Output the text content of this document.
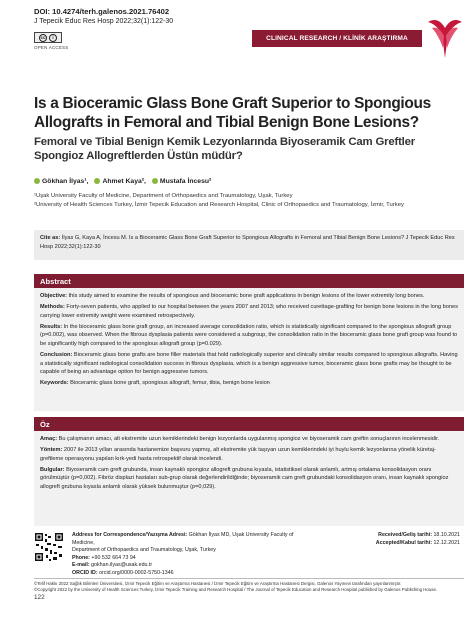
DOI: 10.4274/terh.galenos.2021.76402
J Tepecik Educ Res Hosp 2022;32(1):122-30
cc	i
OPEN ACCESS
CLINICAL RESEARCH / KLİNİK ARAŞTIRMA
Is a Bioceramic Glass Bone Graft Superior to Spongious Allografts in Femoral and Tibial Benign Bone Lesions?
Femoral ve Tibial Benign Kemik Lezyonlarında Biyoseramik Cam Greftler Spongioz Allogreftlerden Üstün müdür?
Gökhan İlyas¹,	Ahmet Kaya²,	Mustafa İncesu²
¹Uşak University Faculty of Medicine, Department of Orthopaedics and Traumatology, Uşak, Turkey
²University of Health Sciences Turkey, İzmir Tepecik Education and Research Hospital, Clinic of Orthopaedics and Traumatology, İzmir, Turkey
Cite as: İlyas G, Kaya A, İncesu M. Is a Bioceramic Glass Bone Graft Superior to Spongious Allografts in Femoral and Tibial Benign Bone Lesions? J Tepecik Educ Res Hosp 2022;32(1):122-30
Abstract
Objective: this study aimed to examine the results of spongious and bioceramic bone graft applications in benign lesions of the lower extremity long bones.
Methods: Forty-seven patients, who applied to our hospital between the years 2007 and 2013; who received curettage-grafting for benign bone lesions in the long bones carrying lower extremity weight were examined retrospectively.
Results: In the bioceramic glass bone graft group, an increased average consolidation ratio, which is statistically significant compared to the spongious allograft group (p=0.002), was observed. When the fibrous dysplasia patients were considered a subgroup, the consolidation ratio in the bioceramic glass bone graft group was found to be significantly high compared to the spongious allograft group (p=0.029).
Conclusion: Bioceramic glass bone grafts are bone filler materials that hold radiologically superior and clinically similar results compared to spongious allografts. Having a statistically significant radiological consolidation success in fibrous dysplasia, which is a benign aggressive tumor, bioceramic glass bone grafts may be thought to be capable of being an advantage option for benign aggressive tumors.
Keywords: Bioceramic glass bone graft, spongious allograft, femur, tibia, benign bone lesion
Öz
Amaç: Bu çalışmanın amacı, alt ekstremite uzun kemiklerindeki benign lezyonlarda uygulanmış spongioz ve biyoseramik cam greftin sonuçlarının incelenmesidir.
Yöntem: 2007 ile 2013 yılları arasında hastanemize başvuru yapmış, alt ekstremite yük taşıyan uzun kemiklerindeki iyi huylu kemik lezyonlarına yönelik küretaj-greftleme operasyonu yapılan kırk-yedi hasta retrospektif olarak incelendi.
Bulgular: Biyoseramik cam greft grubunda, insan kaynaklı spongioz allogreft grubuna kıyasla, istatistiksel olarak anlamlı, artmış ortalama konsolidasyon oranı görülmüştür (p=0,002). Fibröz displazi hastaları sub-grup olarak değerlendirildiğinde; biyoseramik cam greft grubundaki konsolidasyon oranı, insan kaynaklı spongioz allogreft grubuna kıyasla anlamlı olarak yüksek bulunmuştur (p=0,029).
Address for Correspondence/Yazışma Adresi: Gökhan İlyas MD, Uşak University Faculty of Medicine,
Department of Orthopaedics and Traumatology, Uşak, Turkey
Phone: +90 532 664 73 94
E-mail: gokhan.ilyas@usak.edu.tr
ORCID ID: orcid.org/0000-0002-5750-1346
Received/Geliş tarihi: 18.10.2021
Accepted/Kabul tarihi: 12.12.2021
©Telif Hakkı 2022 Sağlık Bilimleri Üniversitesi, İzmir Tepecik Eğitim ve Araştırma Hastanesi / İzmir Tepecik Eğitim ve Araştırma Hastanesi Dergisi, Galenos Yayınevi tarafından yayınlanmıştır.
©Copyright 2022 by the University of Health Sciences Turkey, İzmir Tepecik Training and Research Hospital / The Journal of Tepecik Education and Research Hospital published by Galenos Publishing House.
122
